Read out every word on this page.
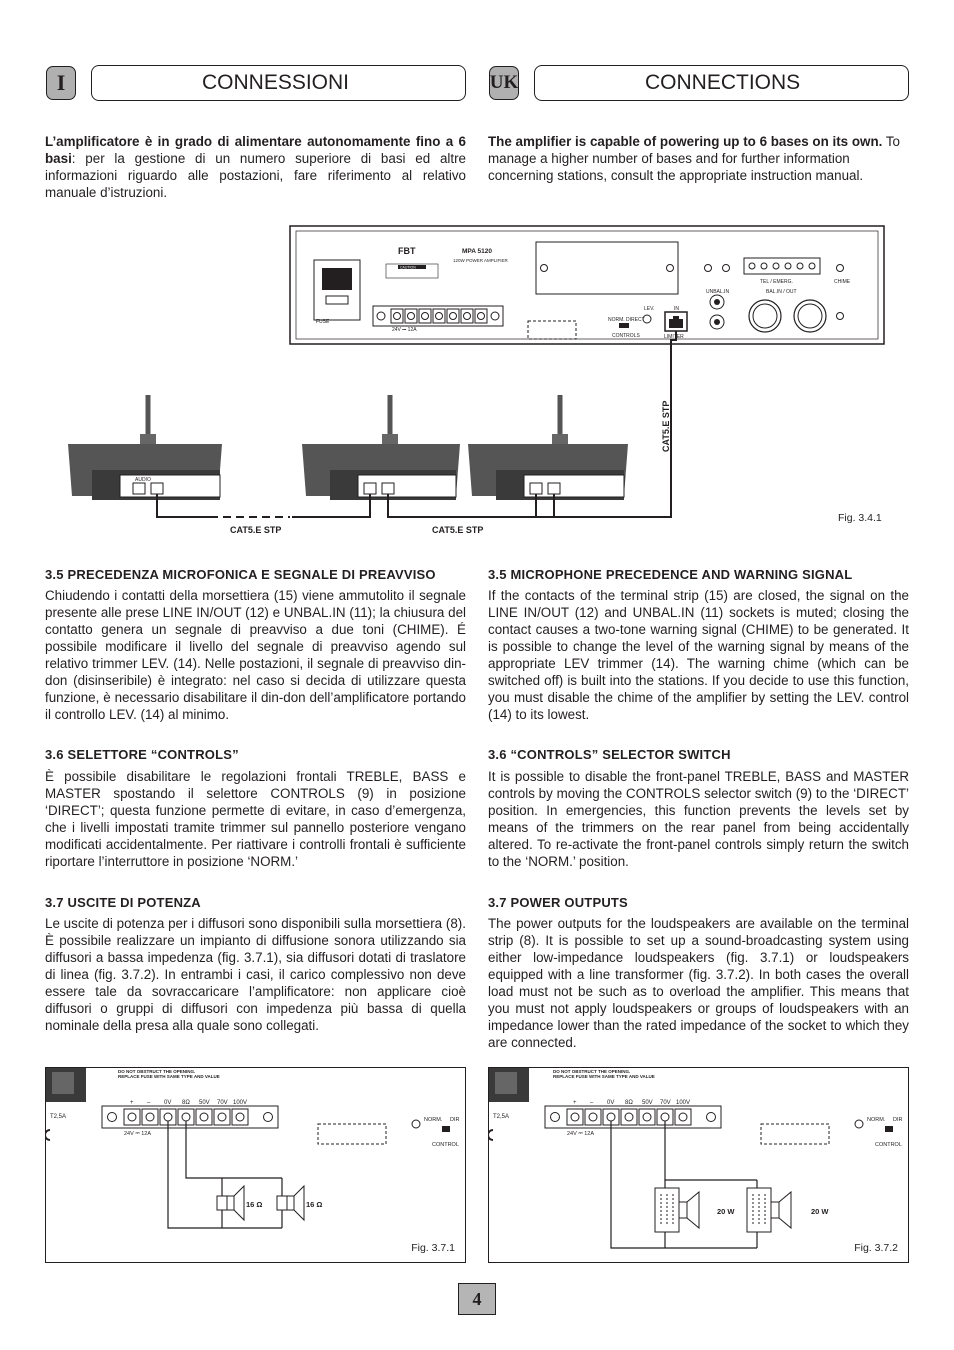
I	CONNESSIONI	UK	CONNECTIONS
L’amplificatore è in grado di alimentare autonomamente fino a 6 basi: per la gestione di un numero superiore di basi ed altre informazioni riguardo alle postazioni, fare riferimento al relativo manuale d’istruzioni.
The amplifier is capable of powering up to 6 bases on its own. To manage a higher number of bases and for further information concerning stations, consult the appropriate instruction manual.
FUSE
CAUTION
FBT	MPA 5120
120W POWER AMPLIFIER
24V ⎓ 12A
NORM. DIRECT
CONTROLS
LEV.	IN
LIMITER
TEL / EMERG.	CHIME
UNBAL.IN	BAL.IN / OUT
CAT5.E STP
AUDIO
CAT5.E STP	CAT5.E STP
Fig. 3.4.1
3.5 PRECEDENZA MICROFONICA E SEGNALE DI PREAVVISO	3.5 MICROPHONE PRECEDENCE AND WARNING SIGNAL
Chiudendo i contatti della morsettiera (15) viene ammutolito il segnale presente alle prese LINE IN/OUT (12) e UNBAL.IN (11); la chiusura del contatto genera un segnale di preavviso a due toni (CHIME). É possibile modificare il livello del segnale di preavviso agendo sul relativo trimmer LEV. (14). Nelle postazioni, il segnale di preavviso din-don (disinseribile) è integrato: nel caso si decida di utilizzare questa funzione, è necessario disabilitare il din-don dell’amplificatore portando il controllo LEV. (14) al minimo.
If the contacts of the terminal strip (15) are closed, the signal on the LINE IN/OUT (12) and UNBAL.IN (11) sockets is muted; closing the contact causes a two-tone warning signal (CHIME) to be generated. It is possible to change the level of the warning signal by means of the appropriate LEV trimmer (14). The warning chime (which can be switched off) is built into the stations. If you decide to use this function, you must disable the chime of the amplifier by setting the LEV. control (14) to its lowest.
3.6 SELETTORE “CONTROLS”	3.6 “CONTROLS” SELECTOR SWITCH
È possibile disabilitare le regolazioni frontali TREBLE, BASS e MASTER spostando il selettore CONTROLS (9) in posizione ‘DIRECT’; questa funzione permette di evitare, in caso d’emergenza, che i livelli impostati tramite trimmer sul pannello posteriore vengano modificati accidentalmente. Per riattivare i controlli frontali è sufficiente riportare l’interruttore in posizione ‘NORM.’
It is possible to disable the front-panel TREBLE, BASS and MASTER controls by moving the CONTROLS selector switch (9) to the ‘DIRECT’ position. In emergencies, this function prevents the levels set by means of the trimmers on the rear panel from being accidentally altered. To re-activate the front-panel controls simply return the switch to the ‘NORM.’ position.
3.7 USCITE DI POTENZA	3.7 POWER OUTPUTS
Le uscite di potenza per i diffusori sono disponibili sulla morsettiera (8). È possibile realizzare un impianto di diffusione sonora utilizzando sia diffusori a bassa impedenza (fig. 3.7.1), sia diffusori dotati di traslatore di linea (fig. 3.7.2). In entrambi i casi, il carico complessivo non deve essere tale da sovraccaricare l’amplificatore: non applicare cioè diffusori o gruppi di diffusori con impedenza più bassa di quella nominale della presa alla quale sono collegati.
The power outputs for the loudspeakers are available on the terminal strip (8). It is possible to set up a sound-broadcasting system using either low-impedance loudspeakers (fig. 3.7.1) or loudspeakers equipped with a line transformer (fig. 3.7.2). In both cases the overall load must not be such as to overload the amplifier. This means that you must not apply loudspeakers or groups of loudspeakers with an impedance lower than the rated impedance of the socket to which they are connected.
DO NOT OBSTRUCT THE OPENING.
REPLACE FUSE WITH SAME TYPE AND VALUE
T2,5A
+ – 0V 8Ω 50V 70V 100V
24V ⎓ 12A
NORM. DIR
CONTROL
16 Ω	16 Ω
Fig. 3.7.1
DO NOT OBSTRUCT THE OPENING.
REPLACE FUSE WITH SAME TYPE AND VALUE
T2,5A
+ – 0V 8Ω 50V 70V 100V
24V ⎓ 12A
NORM. DIR
CONTROL
20 W	20 W
Fig. 3.7.2
4
